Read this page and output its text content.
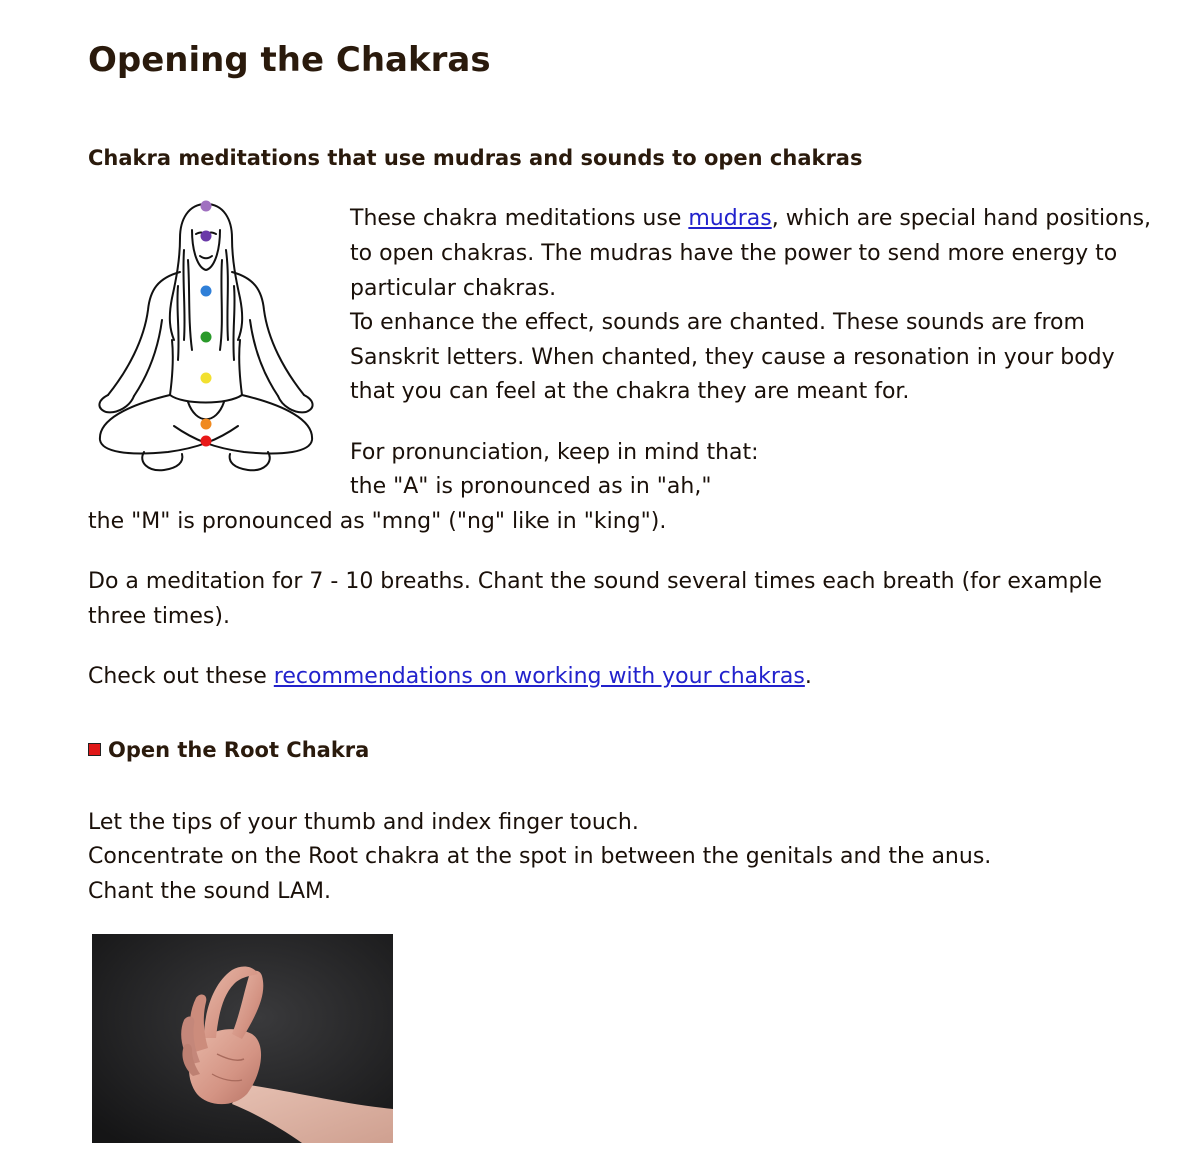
Opening the Chakras
Chakra meditations that use mudras and sounds to open chakras

These chakra meditations use mudras, which are special hand positions,

to open chakras. The mudras have the power to send more energy to

particular chakras.

To enhance the effect, sounds are chanted. These sounds are from

Sanskrit letters. When chanted, they cause a resonation in your body

that you can feel at the chakra they are meant for.

For pronunciation, keep in mind that:

the "A" is pronounced as in "ah,"

the "M" is pronounced as "mng" ("ng" like in "king").

Do a meditation for 7 - 10 breaths. Chant the sound several times each breath (for example

three times).

Check out these recommendations on working with your chakras.

Open the Root Chakra

Let the tips of your thumb and index finger touch.

Concentrate on the Root chakra at the spot in between the genitals and the anus.

Chant the sound LAM.
